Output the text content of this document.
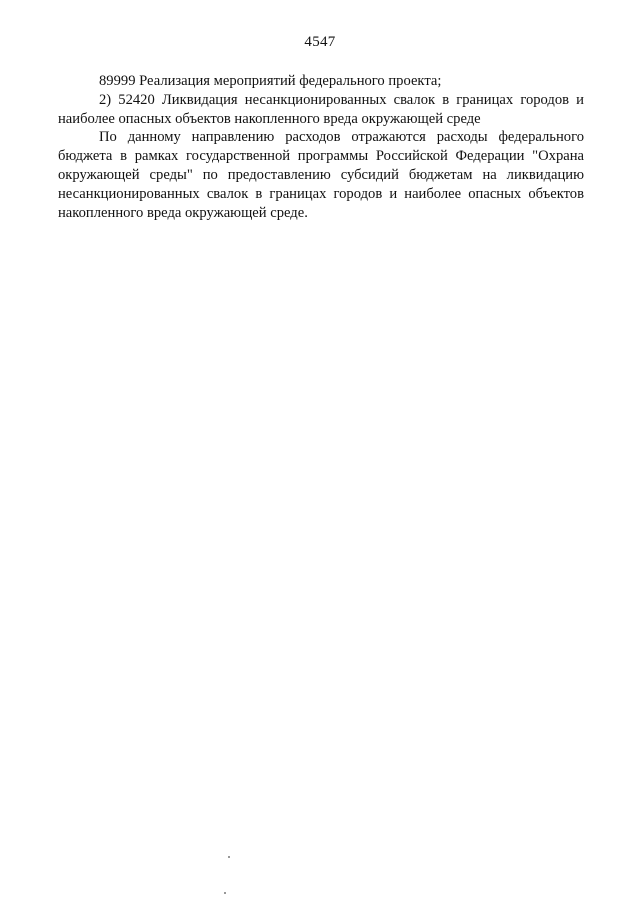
4547

89999 Реализация мероприятий федерального проекта;

2) 52420 Ликвидация несанкционированных свалок в границах городов и наиболее опасных объектов накопленного вреда окружающей среде

По данному направлению расходов отражаются расходы федерального бюджета в рамках государственной программы Российской Федерации "Охрана окружающей среды" по предоставлению субсидий бюджетам на ликвидацию несанкционированных свалок в границах городов и наиболее опасных объектов накопленного вреда окружающей среде.
